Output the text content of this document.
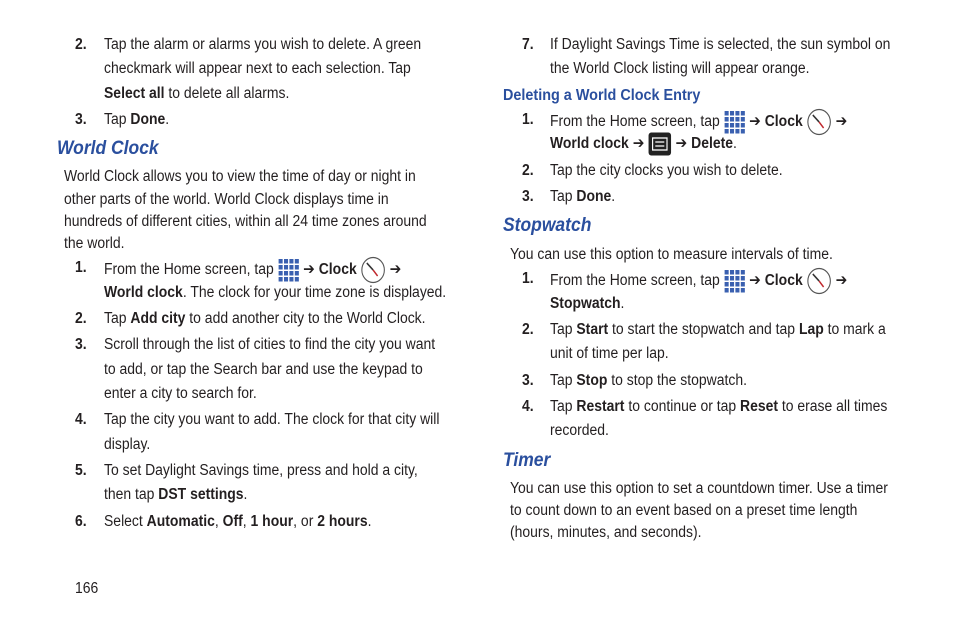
2. Tap the alarm or alarms you wish to delete. A green
checkmark will appear next to each selection. Tap
Select all to delete all alarms.
3. Tap Done.
World Clock
World Clock allows you to view the time of day or night in
other parts of the world. World Clock displays time in
hundreds of different cities, within all 24 time zones around
the world.
1. From the Home screen, tap  ➔ Clock  ➔
World clock. The clock for your time zone is displayed.
2. Tap Add city to add another city to the World Clock.
3. Scroll through the list of cities to find the city you want
to add, or tap the Search bar and use the keypad to
enter a city to search for.
4. Tap the city you want to add. The clock for that city will
display.
5. To set Daylight Savings time, press and hold a city,
then tap DST settings.
6. Select Automatic, Off, 1 hour, or 2 hours.
7. If Daylight Savings Time is selected, the sun symbol on
the World Clock listing will appear orange.
Deleting a World Clock Entry
1. From the Home screen, tap  ➔ Clock  ➔
World clock ➔  ➔ Delete.
2. Tap the city clocks you wish to delete.
3. Tap Done.
Stopwatch
You can use this option to measure intervals of time.
1. From the Home screen, tap  ➔ Clock  ➔
Stopwatch.
2. Tap Start to start the stopwatch and tap Lap to mark a
unit of time per lap.
3. Tap Stop to stop the stopwatch.
4. Tap Restart to continue or tap Reset to erase all times
recorded.
Timer
You can use this option to set a countdown timer. Use a timer
to count down to an event based on a preset time length
(hours, minutes, and seconds).
166
